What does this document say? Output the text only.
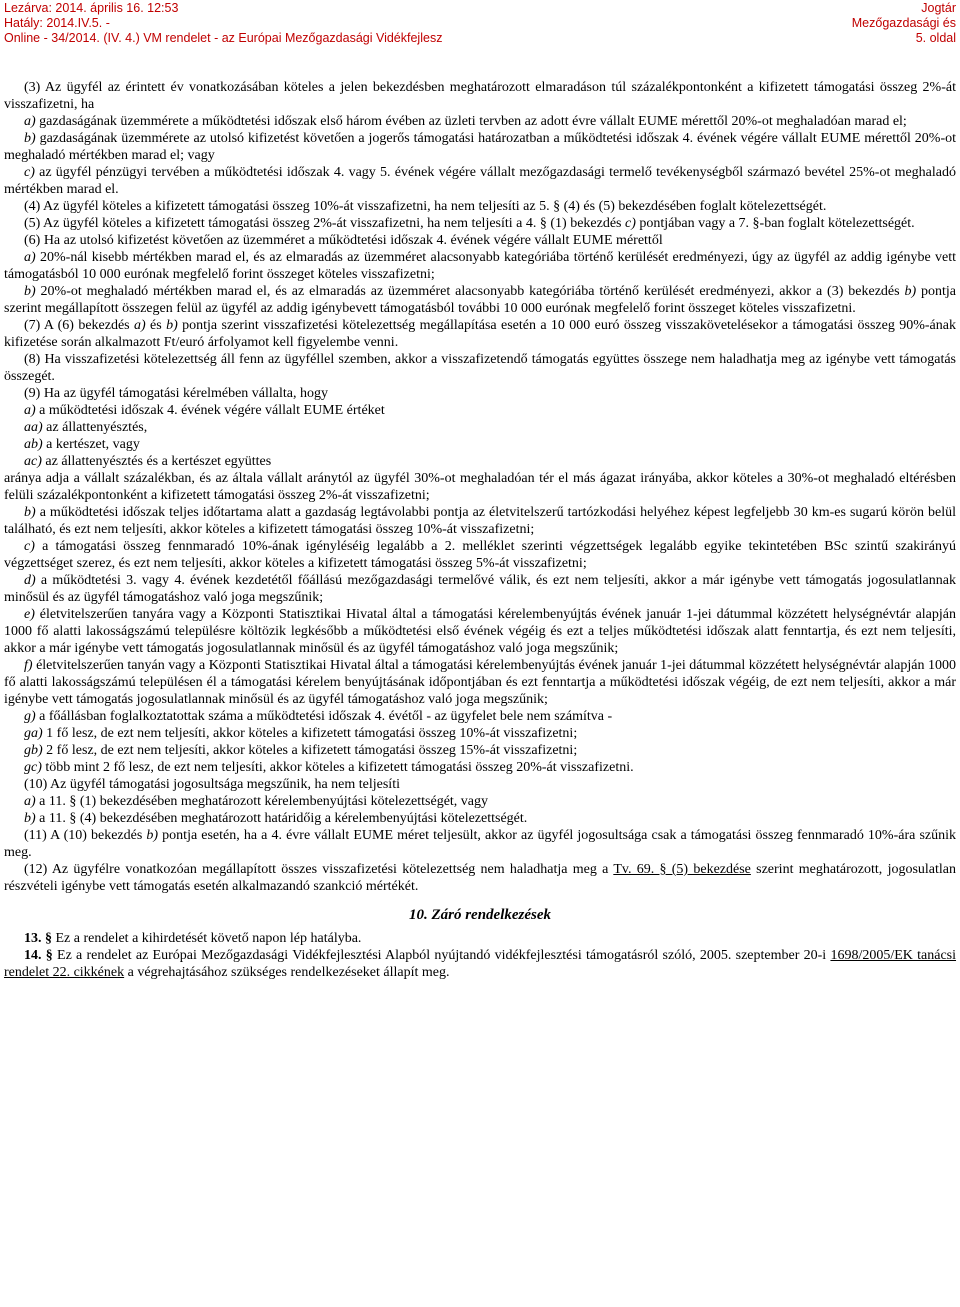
Lezárva: 2014. április 16. 12:53
Hatály: 2014.IV.5. -
Online - 34/2014. (IV. 4.) VM rendelet - az Európai Mezőgazdasági Vidékfejlesz
Jogtár
Mezőgazdasági és
5. oldal

(3) Az ügyfél az érintett év vonatkozásában köteles a jelen bekezdésben meghatározott elmaradáson túl százalékpontonként a kifizetett támogatási összeg 2%-át visszafizetni, ha

a) gazdaságának üzemmérete a működtetési időszak első három évében az üzleti tervben az adott évre vállalt EUME mérettől 20%-ot meghaladóan marad el;

b) gazdaságának üzemmérete az utolsó kifizetést követően a jogerős támogatási határozatban a működtetési időszak 4. évének végére vállalt EUME mérettől 20%-ot meghaladó mértékben marad el; vagy

c) az ügyfél pénzügyi tervében a működtetési időszak 4. vagy 5. évének végére vállalt mezőgazdasági termelő tevékenységből származó bevétel 25%-ot meghaladó mértékben marad el.

(4) Az ügyfél köteles a kifizetett támogatási összeg 10%-át visszafizetni, ha nem teljesíti az 5. § (4) és (5) bekezdésében foglalt kötelezettségét.

(5) Az ügyfél köteles a kifizetett támogatási összeg 2%-át visszafizetni, ha nem teljesíti a 4. § (1) bekezdés c) pontjában vagy a 7. §-ban foglalt kötelezettségét.

(6) Ha az utolsó kifizetést követően az üzemméret a működtetési időszak 4. évének végére vállalt EUME mérettől

a) 20%-nál kisebb mértékben marad el, és az elmaradás az üzemméret alacsonyabb kategóriába történő kerülését eredményezi, úgy az ügyfél az addig igénybe vett támogatásból 10 000 eurónak megfelelő forint összeget köteles visszafizetni;

b) 20%-ot meghaladó mértékben marad el, és az elmaradás az üzemméret alacsonyabb kategóriába történő kerülését eredményezi, akkor a (3) bekezdés b) pontja szerint megállapított összegen felül az ügyfél az addig igénybevett támogatásból további 10 000 eurónak megfelelő forint összeget köteles visszafizetni.

(7) A (6) bekezdés a) és b) pontja szerint visszafizetési kötelezettség megállapítása esetén a 10 000 euró összeg visszakövetelésekor a támogatási összeg 90%-ának kifizetése során alkalmazott Ft/euró árfolyamot kell figyelembe venni.

(8) Ha visszafizetési kötelezettség áll fenn az ügyféllel szemben, akkor a visszafizetendő támogatás együttes összege nem haladhatja meg az igénybe vett támogatás összegét.

(9) Ha az ügyfél támogatási kérelmében vállalta, hogy

a) a működtetési időszak 4. évének végére vállalt EUME értéket

aa) az állattenyésztés,

ab) a kertészet, vagy

ac) az állattenyésztés és a kertészet együttes

aránya adja a vállalt százalékban, és az általa vállalt aránytól az ügyfél 30%-ot meghaladóan tér el más ágazat irányába, akkor köteles a 30%-ot meghaladó eltérésben felüli százalékpontonként a kifizetett támogatási összeg 2%-át visszafizetni;

b) a működtetési időszak teljes időtartama alatt a gazdaság legtávolabbi pontja az életvitelszerű tartózkodási helyéhez képest legfeljebb 30 km-es sugarú körön belül található, és ezt nem teljesíti, akkor köteles a kifizetett támogatási összeg 10%-át visszafizetni;

c) a támogatási összeg fennmaradó 10%-ának igényléséig legalább a 2. melléklet szerinti végzettségek legalább egyike tekintetében BSc szintű szakirányú végzettséget szerez, és ezt nem teljesíti, akkor köteles a kifizetett támogatási összeg 5%-át visszafizetni;

d) a működtetési 3. vagy 4. évének kezdetétől főállású mezőgazdasági termelővé válik, és ezt nem teljesíti, akkor a már igénybe vett támogatás jogosulatlannak minősül és az ügyfél támogatáshoz való joga megszűnik;

e) életvitelszerűen tanyára vagy a Központi Statisztikai Hivatal által a támogatási kérelembenyújtás évének január 1-jei dátummal közzétett helységnévtár alapján 1000 fő alatti lakosságszámú településre költözik legkésőbb a működtetési első évének végéig és ezt a teljes működtetési időszak alatt fenntartja, és ezt nem teljesíti, akkor a már igénybe vett támogatás jogosulatlannak minősül és az ügyfél támogatáshoz való joga megszűnik;

f) életvitelszerűen tanyán vagy a Központi Statisztikai Hivatal által a támogatási kérelembenyújtás évének január 1-jei dátummal közzétett helységnévtár alapján 1000 fő alatti lakosságszámú településen él a támogatási kérelem benyújtásának időpontjában és ezt fenntartja a működtetési időszak végéig, de ezt nem teljesíti, akkor a már igénybe vett támogatás jogosulatlannak minősül és az ügyfél támogatáshoz való joga megszűnik;

g) a főállásban foglalkoztatottak száma a működtetési időszak 4. évétől - az ügyfelet bele nem számítva -

ga) 1 fő lesz, de ezt nem teljesíti, akkor köteles a kifizetett támogatási összeg 10%-át visszafizetni;

gb) 2 fő lesz, de ezt nem teljesíti, akkor köteles a kifizetett támogatási összeg 15%-át visszafizetni;

gc) több mint 2 fő lesz, de ezt nem teljesíti, akkor köteles a kifizetett támogatási összeg 20%-át visszafizetni.

(10) Az ügyfél támogatási jogosultsága megszűnik, ha nem teljesíti

a) a 11. § (1) bekezdésében meghatározott kérelembenyújtási kötelezettségét, vagy

b) a 11. § (4) bekezdésében meghatározott határidőig a kérelembenyújtási kötelezettségét.

(11) A (10) bekezdés b) pontja esetén, ha a 4. évre vállalt EUME méret teljesült, akkor az ügyfél jogosultsága csak a támogatási összeg fennmaradó 10%-ára szűnik meg.

(12) Az ügyfélre vonatkozóan megállapított összes visszafizetési kötelezettség nem haladhatja meg a Tv. 69. § (5) bekezdése szerint meghatározott, jogosulatlan részvételi igénybe vett támogatás esetén alkalmazandó szankció mértékét.

10. Záró rendelkezések

13. § Ez a rendelet a kihirdetését követő napon lép hatályba.

14. § Ez a rendelet az Európai Mezőgazdasági Vidékfejlesztési Alapból nyújtandó vidékfejlesztési támogatásról szóló, 2005. szeptember 20-i 1698/2005/EK tanácsi rendelet 22. cikkének a végrehajtásához szükséges rendelkezéseket állapít meg.
